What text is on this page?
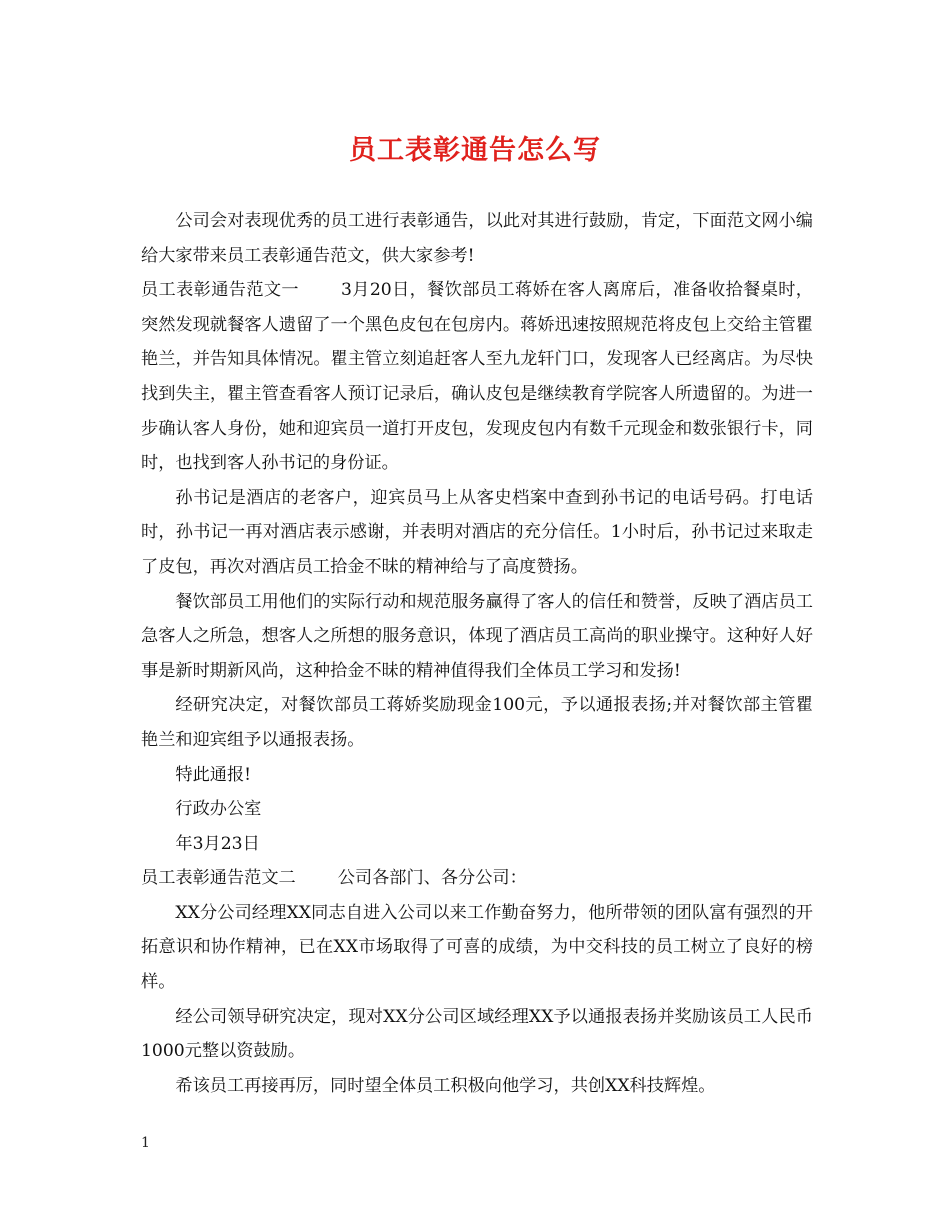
员工表彰通告怎么写

公司会对表现优秀的员工进行表彰通告，以此对其进行鼓励，肯定，下面范文网小编给大家带来员工表彰通告范文，供大家参考!

员工表彰通告范文一 3月20日，餐饮部员工蒋娇在客人离席后，准备收拾餐桌时，突然发现就餐客人遗留了一个黑色皮包在包房内。蒋娇迅速按照规范将皮包上交给主管瞿艳兰，并告知具体情况。瞿主管立刻追赶客人至九龙轩门口，发现客人已经离店。为尽快找到失主，瞿主管查看客人预订记录后，确认皮包是继续教育学院客人所遗留的。为进一步确认客人身份，她和迎宾员一道打开皮包，发现皮包内有数千元现金和数张银行卡，同时，也找到客人孙书记的身份证。

孙书记是酒店的老客户，迎宾员马上从客史档案中查到孙书记的电话号码。打电话时，孙书记一再对酒店表示感谢，并表明对酒店的充分信任。1小时后，孙书记过来取走了皮包，再次对酒店员工拾金不昧的精神给与了高度赞扬。

餐饮部员工用他们的实际行动和规范服务赢得了客人的信任和赞誉，反映了酒店员工急客人之所急，想客人之所想的服务意识，体现了酒店员工高尚的职业操守。这种好人好事是新时期新风尚，这种拾金不昧的精神值得我们全体员工学习和发扬!

经研究决定，对餐饮部员工蒋娇奖励现金100元，予以通报表扬;并对餐饮部主管瞿艳兰和迎宾组予以通报表扬。

特此通报!

行政办公室

年3月23日

员工表彰通告范文二 公司各部门、各分公司：

XX分公司经理XX同志自进入公司以来工作勤奋努力，他所带领的团队富有强烈的开拓意识和协作精神，已在XX市场取得了可喜的成绩，为中交科技的员工树立了良好的榜样。

经公司领导研究决定，现对XX分公司区域经理XX予以通报表扬并奖励该员工人民币1000元整以资鼓励。

希该员工再接再厉，同时望全体员工积极向他学习，共创XX科技辉煌。

1
